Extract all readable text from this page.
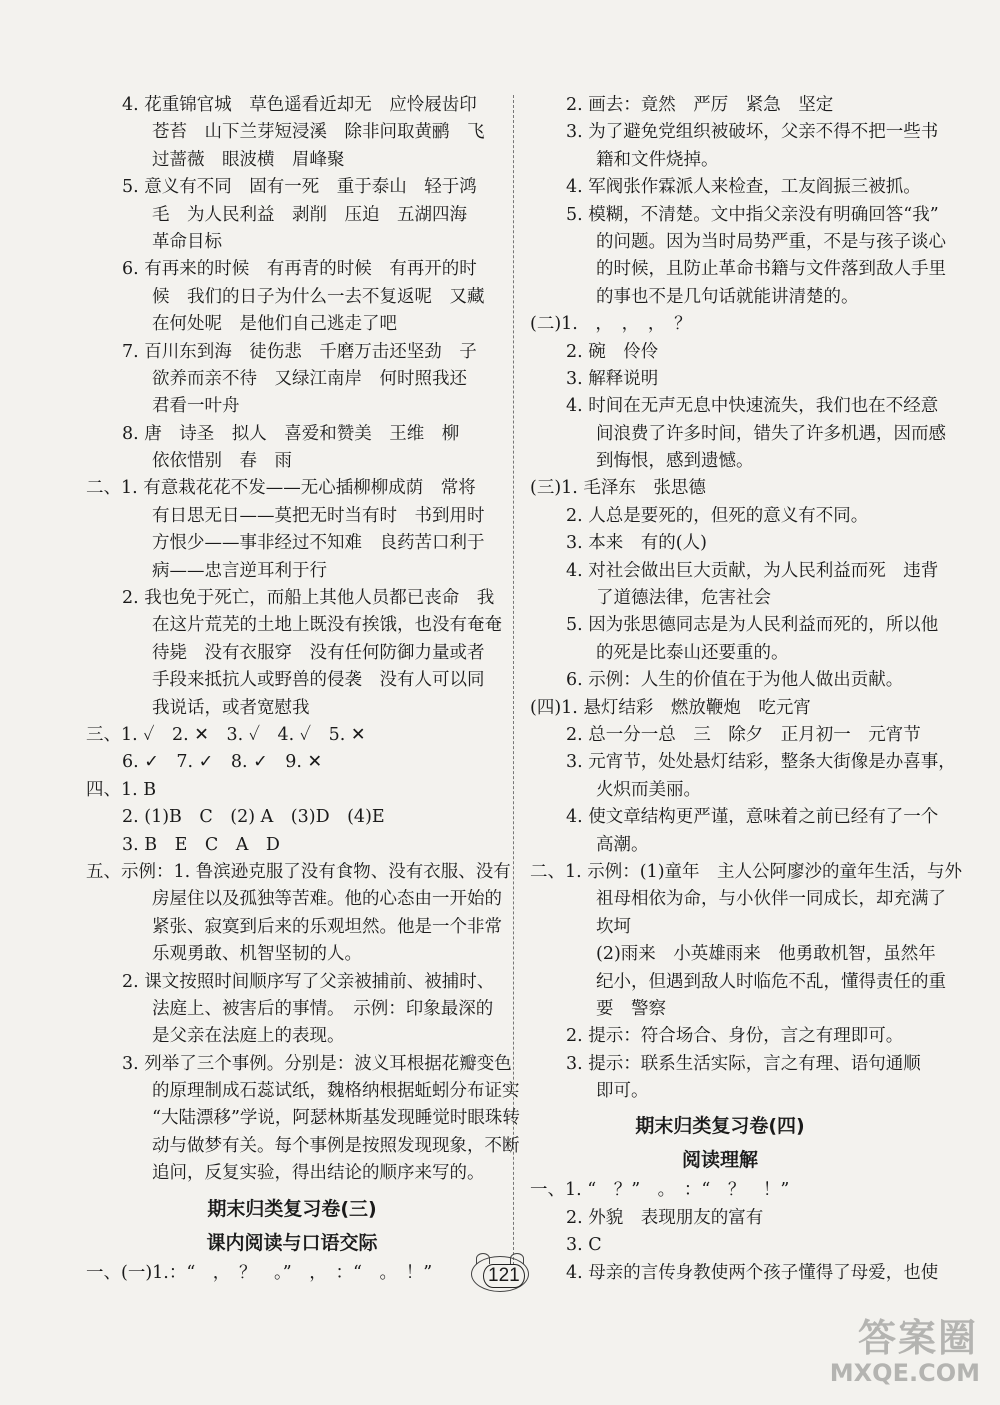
4. 花重锦官城　草色遥看近却无　应怜屐齿印
苍苔　山下兰芽短浸溪　除非问取黄鹂　飞
过蔷薇　眼波横　眉峰聚
5. 意义有不同　固有一死　重于泰山　轻于鸿
毛　为人民利益　剥削　压迫　五湖四海
革命目标
6. 有再来的时候　有再青的时候　有再开的时
候　我们的日子为什么一去不复返呢　又藏
在何处呢　是他们自己逃走了吧
7. 百川东到海　徒伤悲　千磨万击还坚劲　子
欲养而亲不待　又绿江南岸　何时照我还
君看一叶舟
8. 唐　诗圣　拟人　喜爱和赞美　王维　柳
依依惜别　春　雨
二、1. 有意栽花花不发——无心插柳柳成荫　常将
有日思无日——莫把无时当有时　书到用时
方恨少——事非经过不知难　良药苦口利于
病——忠言逆耳利于行
2. 我也免于死亡，而船上其他人员都已丧命　我
在这片荒芜的土地上既没有挨饿，也没有奄奄
待毙　没有衣服穿　没有任何防御力量或者
手段来抵抗人或野兽的侵袭　没有人可以同
我说话，或者宽慰我
三、1. ✓　2. ✕　3. ✓　4. ✓　5. ✕
6. ✓　7. ✓　8. ✓　9. ✕
四、1. B
2. (1)B　C　(2) A　(3)D　(4)E
3. B　E　C　A　D
五、示例：1. 鲁滨逊克服了没有食物、没有衣服、没有
房屋住以及孤独等苦难。他的心态由一开始的
紧张、寂寞到后来的乐观坦然。他是一个非常
乐观勇敢、机智坚韧的人。
2. 课文按照时间顺序写了父亲被捕前、被捕时、
法庭上、被害后的事情。　示例：印象最深的
是父亲在法庭上的表现。
3. 列举了三个事例。分别是：波义耳根据花瓣变色
的原理制成石蕊试纸，魏格纳根据蚯蚓分布证实
“大陆漂移”学说，阿瑟林斯基发现睡觉时眼珠转
动与做梦有关。每个事例是按照发现现象，不断
追问，反复实验，得出结论的顺序来写的。
期末归类复习卷(三)
课内阅读与口语交际
一、(一)1.：“　，　？　。”　，　：“　。　！”
2. 画去：竟然　严厉　紧急　坚定
3. 为了避免党组织被破坏，父亲不得不把一些书
籍和文件烧掉。
4. 军阀张作霖派人来检查，工友阎振三被抓。
5. 模糊，不清楚。文中指父亲没有明确回答“我”
的问题。因为当时局势严重，不是与孩子谈心
的时候，且防止革命书籍与文件落到敌人手里
的事也不是几句话就能讲清楚的。
(二)1.　，　，　，　？
2. 碗　伶伶
3. 解释说明
4. 时间在无声无息中快速流失，我们也在不经意
间浪费了许多时间，错失了许多机遇，因而感
到悔恨，感到遗憾。
(三)1. 毛泽东　张思德
2. 人总是要死的，但死的意义有不同。
3. 本来　有的(人)
4. 对社会做出巨大贡献，为人民利益而死　违背
了道德法律，危害社会
5. 因为张思德同志是为人民利益而死的，所以他
的死是比泰山还要重的。
6. 示例：人生的价值在于为他人做出贡献。
(四)1. 悬灯结彩　燃放鞭炮　吃元宵
2. 总一分一总　三　除夕　正月初一　元宵节
3. 元宵节，处处悬灯结彩，整条大街像是办喜事，
火炽而美丽。
4. 使文章结构更严谨，意味着之前已经有了一个
高潮。
二、1. 示例：(1)童年　主人公阿廖沙的童年生活，与外
祖母相依为命，与小伙伴一同成长，却充满了
坎坷
(2)雨来　小英雄雨来　他勇敢机智，虽然年
纪小，但遇到敌人时临危不乱，懂得责任的重
要　警察
2. 提示：符合场合、身份，言之有理即可。
3. 提示：联系生活实际，言之有理、语句通顺
即可。
期末归类复习卷(四)
阅读理解
一、1. “　？”　。　：“　？　！”
2. 外貌　表现朋友的富有
3. C
4. 母亲的言传身教使两个孩子懂得了母爱，也使
121
答案圈
MXQE.COM
